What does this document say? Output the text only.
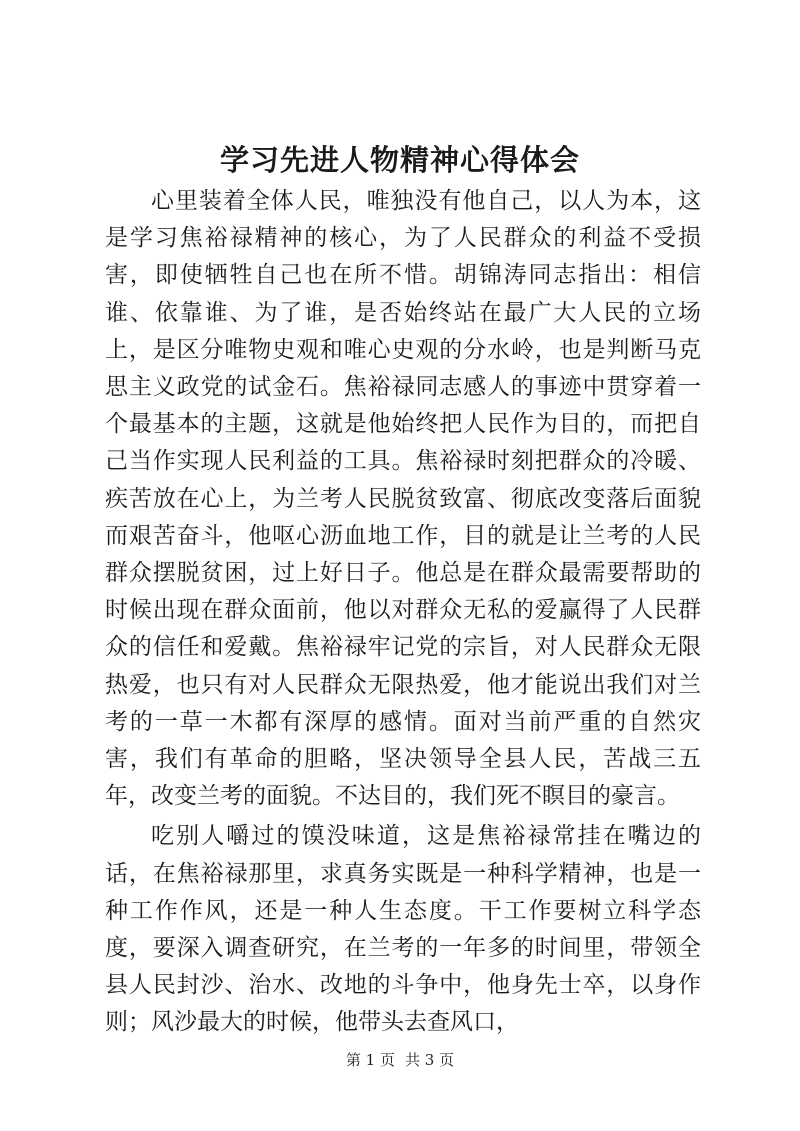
学习先进人物精神心得体会

心里装着全体人民，唯独没有他自己，以人为本，这是学习焦裕禄精神的核心，为了人民群众的利益不受损害，即使牺牲自己也在所不惜。胡锦涛同志指出：相信谁、依靠谁、为了谁，是否始终站在最广大人民的立场上，是区分唯物史观和唯心史观的分水岭，也是判断马克思主义政党的试金石。焦裕禄同志感人的事迹中贯穿着一个最基本的主题，这就是他始终把人民作为目的，而把自己当作实现人民利益的工具。焦裕禄时刻把群众的冷暖、疾苦放在心上，为兰考人民脱贫致富、彻底改变落后面貌而艰苦奋斗，他呕心沥血地工作，目的就是让兰考的人民群众摆脱贫困，过上好日子。他总是在群众最需要帮助的时候出现在群众面前，他以对群众无私的爱赢得了人民群众的信任和爱戴。焦裕禄牢记党的宗旨，对人民群众无限热爱，也只有对人民群众无限热爱，他才能说出我们对兰考的一草一木都有深厚的感情。面对当前严重的自然灾害，我们有革命的胆略，坚决领导全县人民，苦战三五年，改变兰考的面貌。不达目的，我们死不瞑目的豪言。

吃别人嚼过的馍没味道，这是焦裕禄常挂在嘴边的话，在焦裕禄那里，求真务实既是一种科学精神，也是一种工作作风，还是一种人生态度。干工作要树立科学态度，要深入调查研究，在兰考的一年多的时间里，带领全县人民封沙、治水、改地的斗争中，他身先士卒，以身作则；风沙最大的时候，他带头去查风口，

第 1 页 共 3 页
